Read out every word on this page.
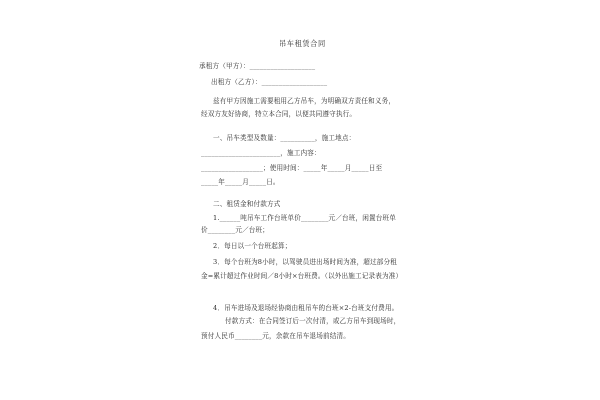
吊车租赁合同
承租方（甲方）：___________________
出租方（乙方）：___________________
兹有甲方因施工需要租用乙方吊车，为明确双方责任和义务，
经双方友好协商，特立本合同，以便共同遵守执行。
一、吊车类型及数量：__________，施工地点：
_______________________，施工内容：
__________________；使用时间：_____年_____月_____日至
_____年_____月_____日。
二、租赁金和付款方式
1.______吨吊车工作台班单价________元／台班，闲置台班单
价________元／台班；
2．每日以一个台班起算；
3．每个台班为8小时，以驾驶员进出场时间为准，超过部分租
金=累计超过作业时间／8小时×台班费。（以外出施工记录表为准）
4．吊车进场及退场经协商由租吊车的台班×2-台班支付费用。
付款方式：在合同签订后一次付清，或乙方吊车到现场时，
预付人民币________元，余款在吊车退场前结清。
